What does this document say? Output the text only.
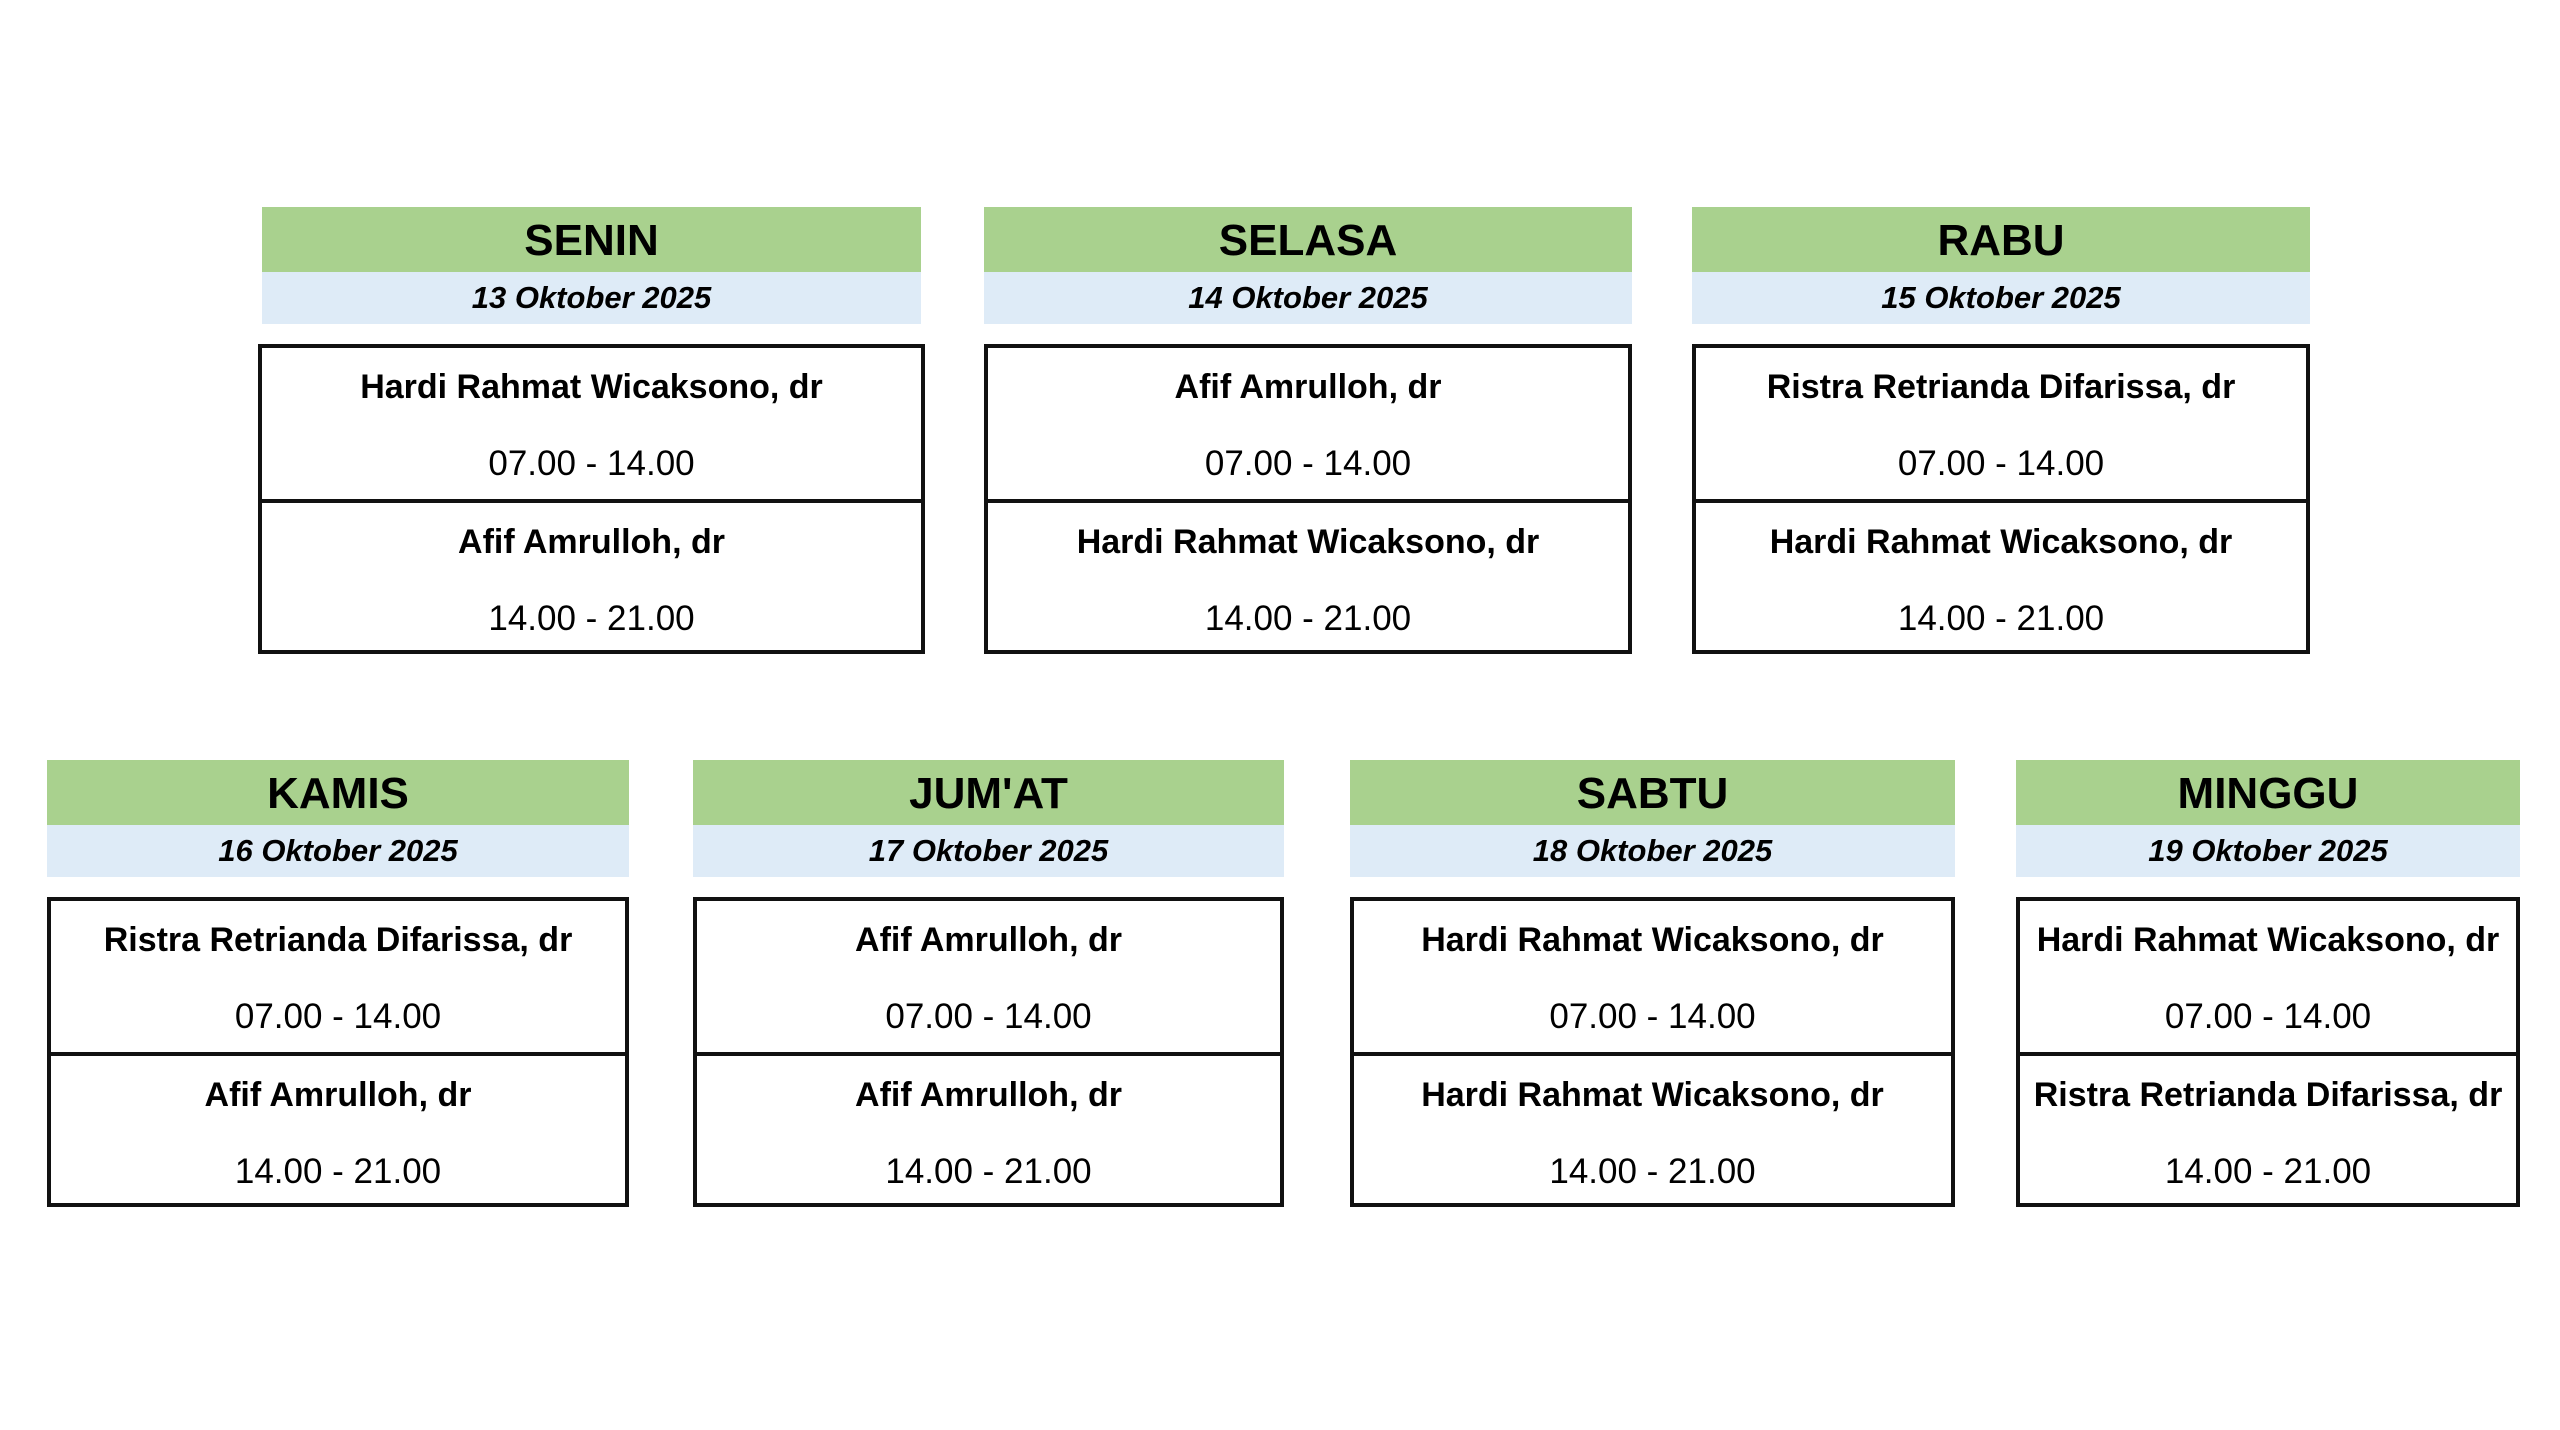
SENIN
13 Oktober 2025
Hardi Rahmat Wicaksono, dr
07.00 - 14.00
Afif Amrulloh, dr
14.00 - 21.00
SELASA
14 Oktober 2025
Afif Amrulloh, dr
07.00 - 14.00
Hardi Rahmat Wicaksono, dr
14.00 - 21.00
RABU
15 Oktober 2025
Ristra Retrianda Difarissa, dr
07.00 - 14.00
Hardi Rahmat Wicaksono, dr
14.00 - 21.00
KAMIS
16 Oktober 2025
Ristra Retrianda Difarissa, dr
07.00 - 14.00
Afif Amrulloh, dr
14.00 - 21.00
JUM'AT
17 Oktober 2025
Afif Amrulloh, dr
07.00 - 14.00
Afif Amrulloh, dr
14.00 - 21.00
SABTU
18 Oktober 2025
Hardi Rahmat Wicaksono, dr
07.00 - 14.00
Hardi Rahmat Wicaksono, dr
14.00 - 21.00
MINGGU
19 Oktober 2025
Hardi Rahmat Wicaksono, dr
07.00 - 14.00
Ristra Retrianda Difarissa, dr
14.00 - 21.00
